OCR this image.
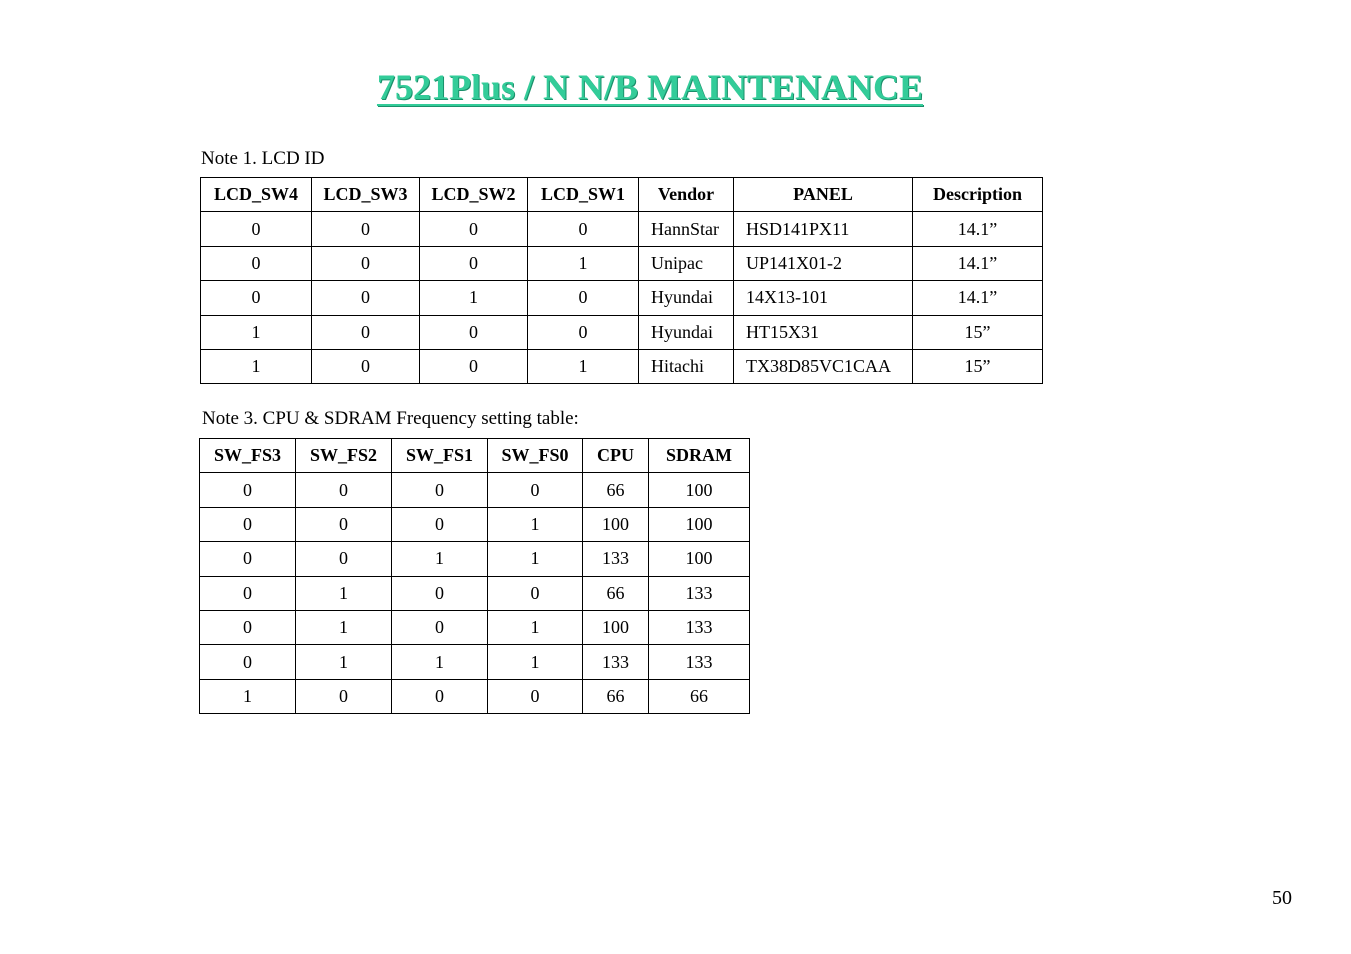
7521Plus / N N/B MAINTENANCE
Note 1. LCD ID
LCD_SW4	LCD_SW3	LCD_SW2	LCD_SW1	Vendor	PANEL	Description
0	0	0	0	HannStar	HSD141PX11	14.1”
0	0	0	1	Unipac	UP141X01-2	14.1”
0	0	1	0	Hyundai	14X13-101	14.1”
1	0	0	0	Hyundai	HT15X31	15”
1	0	0	1	Hitachi	TX38D85VC1CAA	15”
Note 3. CPU & SDRAM Frequency setting table:
SW_FS3	SW_FS2	SW_FS1	SW_FS0	CPU	SDRAM
0	0	0	0	66	100
0	0	0	1	100	100
0	0	1	1	133	100
0	1	0	0	66	133
0	1	0	1	100	133
0	1	1	1	133	133
1	0	0	0	66	66
50
